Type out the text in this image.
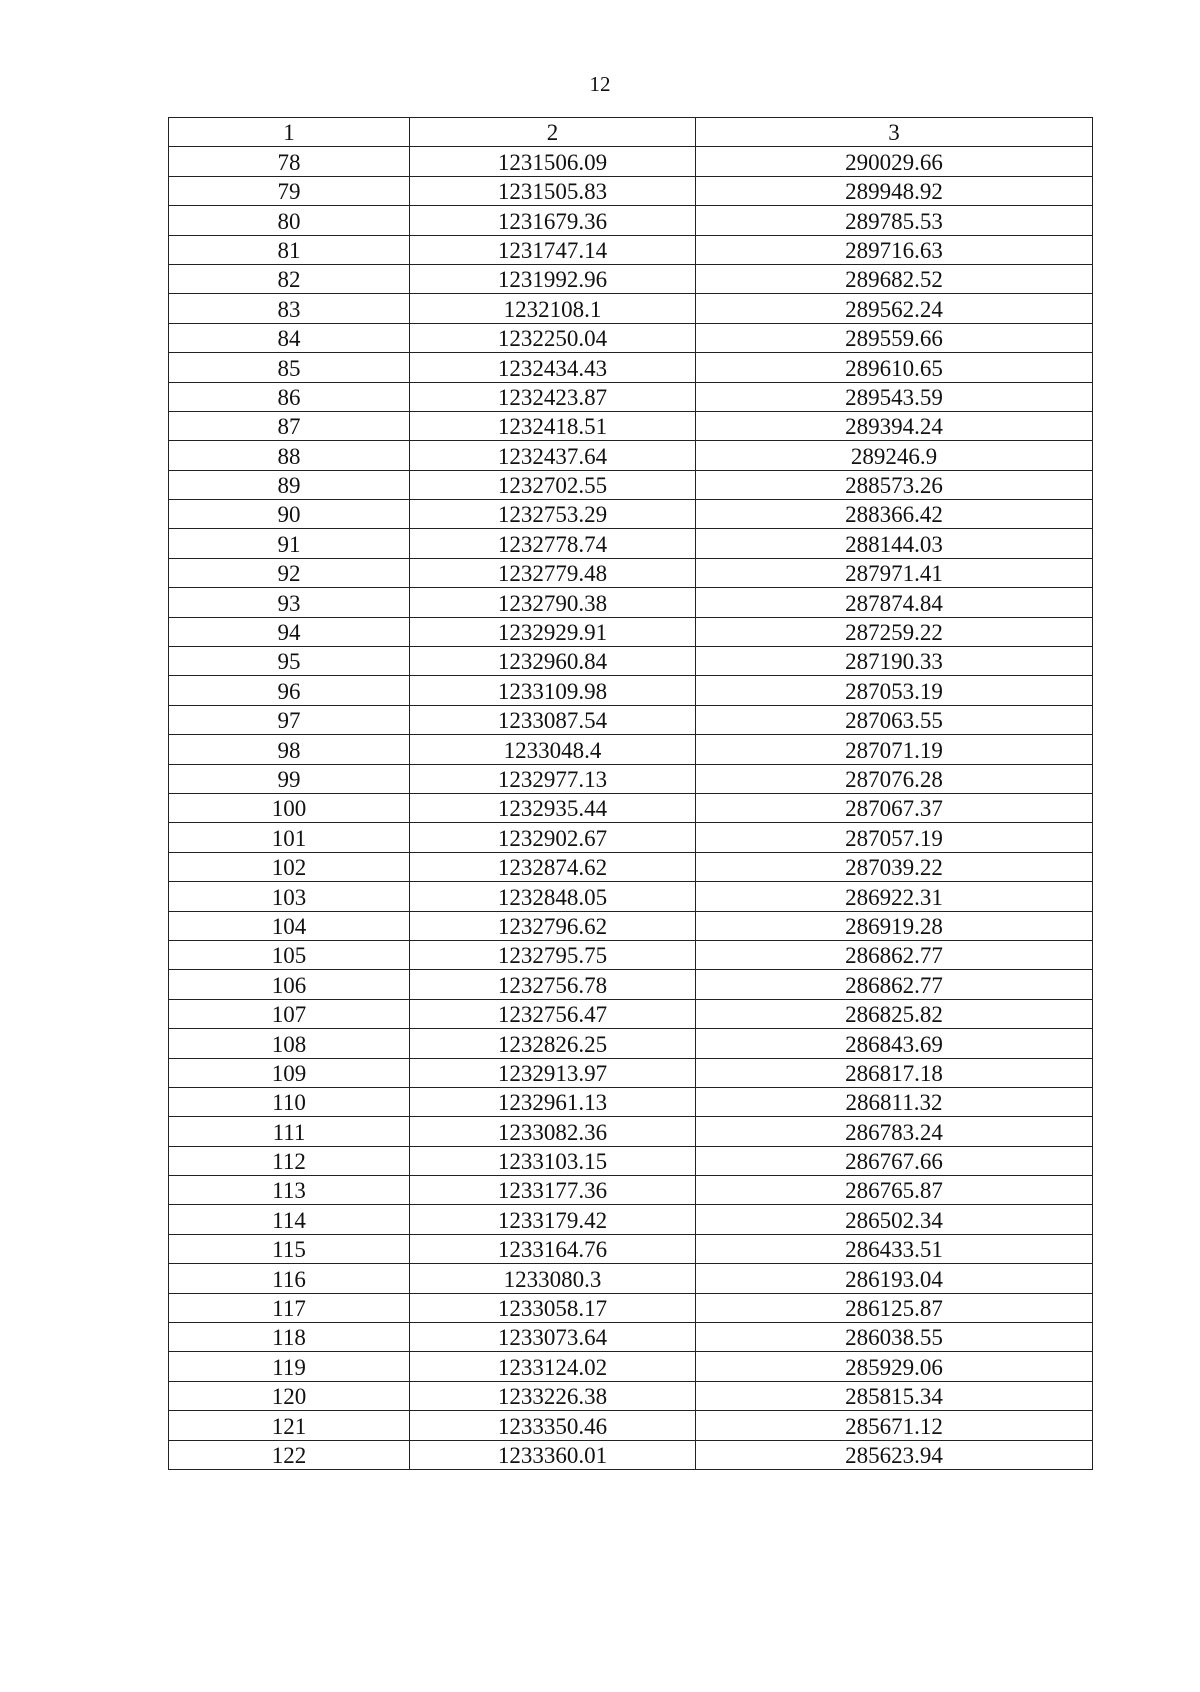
12
1	2	3
78	1231506.09	290029.66
79	1231505.83	289948.92
80	1231679.36	289785.53
81	1231747.14	289716.63
82	1231992.96	289682.52
83	1232108.1	289562.24
84	1232250.04	289559.66
85	1232434.43	289610.65
86	1232423.87	289543.59
87	1232418.51	289394.24
88	1232437.64	289246.9
89	1232702.55	288573.26
90	1232753.29	288366.42
91	1232778.74	288144.03
92	1232779.48	287971.41
93	1232790.38	287874.84
94	1232929.91	287259.22
95	1232960.84	287190.33
96	1233109.98	287053.19
97	1233087.54	287063.55
98	1233048.4	287071.19
99	1232977.13	287076.28
100	1232935.44	287067.37
101	1232902.67	287057.19
102	1232874.62	287039.22
103	1232848.05	286922.31
104	1232796.62	286919.28
105	1232795.75	286862.77
106	1232756.78	286862.77
107	1232756.47	286825.82
108	1232826.25	286843.69
109	1232913.97	286817.18
110	1232961.13	286811.32
111	1233082.36	286783.24
112	1233103.15	286767.66
113	1233177.36	286765.87
114	1233179.42	286502.34
115	1233164.76	286433.51
116	1233080.3	286193.04
117	1233058.17	286125.87
118	1233073.64	286038.55
119	1233124.02	285929.06
120	1233226.38	285815.34
121	1233350.46	285671.12
122	1233360.01	285623.94
